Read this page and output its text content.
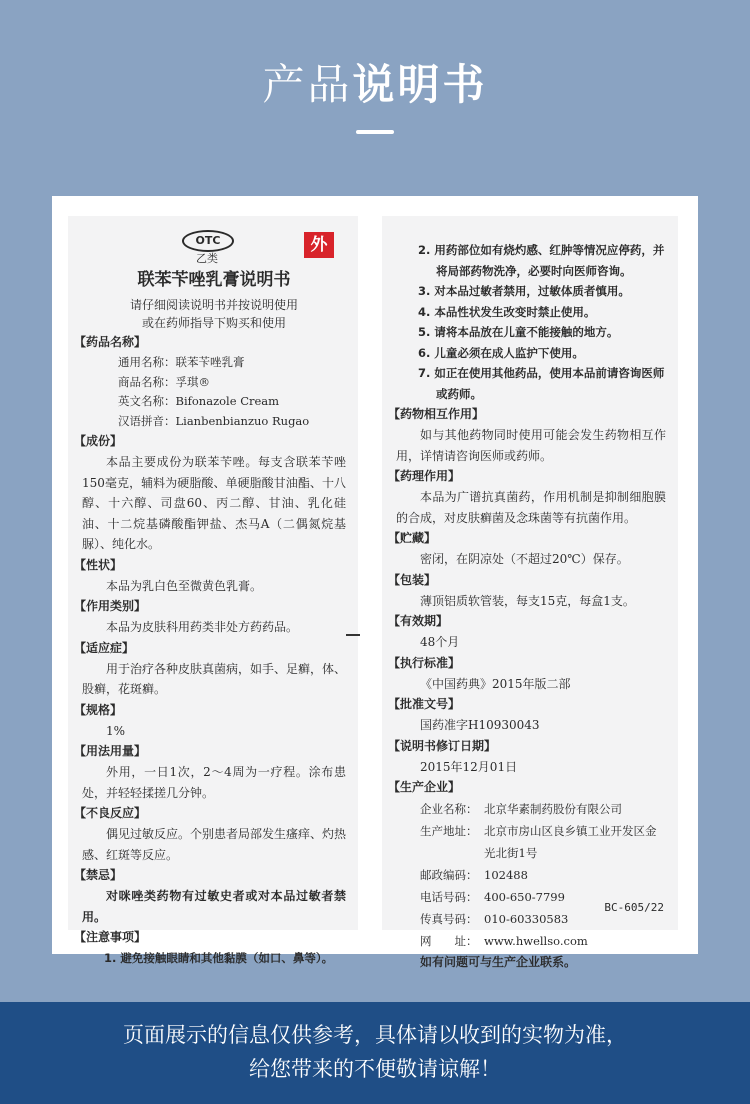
产品说明书
OTC
乙类
外
联苯苄唑乳膏说明书
请仔细阅读说明书并按说明使用
或在药师指导下购买和使用
【药品名称】
通用名称：联苯苄唑乳膏
商品名称：孚琪®
英文名称：Bifonazole Cream
汉语拼音：Lianbenbianzuo Rugao
【成份】
本品主要成份为联苯苄唑。每支含联苯苄唑150毫克，辅料为硬脂酸、单硬脂酸甘油酯、十八醇、十六醇、司盘60、丙二醇、甘油、乳化硅油、十二烷基磷酸酯钾盐、杰马A（二偶氮烷基脲）、纯化水。
【性状】
本品为乳白色至微黄色乳膏。
【作用类别】
本品为皮肤科用药类非处方药药品。
【适应症】
用于治疗各种皮肤真菌病，如手、足癣，体、股癣，花斑癣。
【规格】
1%
【用法用量】
外用，一日1次，2～4周为一疗程。涂布患处，并轻轻揉搓几分钟。
【不良反应】
偶见过敏反应。个别患者局部发生瘙痒、灼热感、红斑等反应。
【禁忌】
对咪唑类药物有过敏史者或对本品过敏者禁用。
【注意事项】
1. 避免接触眼睛和其他黏膜（如口、鼻等）。
2. 用药部位如有烧灼感、红肿等情况应停药，并将局部药物洗净，必要时向医师咨询。
3. 对本品过敏者禁用，过敏体质者慎用。
4. 本品性状发生改变时禁止使用。
5. 请将本品放在儿童不能接触的地方。
6. 儿童必须在成人监护下使用。
7. 如正在使用其他药品，使用本品前请咨询医师或药师。
【药物相互作用】
如与其他药物同时使用可能会发生药物相互作用，详情请咨询医师或药师。
【药理作用】
本品为广谱抗真菌药，作用机制是抑制细胞膜的合成，对皮肤癣菌及念珠菌等有抗菌作用。
【贮藏】
密闭，在阴凉处（不超过20℃）保存。
【包装】
薄顶铝质软管装，每支15克，每盒1支。
【有效期】
48个月
【执行标准】
《中国药典》2015年版二部
【批准文号】
国药准字H10930043
【说明书修订日期】
2015年12月01日
【生产企业】
企业名称： 北京华素制药股份有限公司
生产地址： 北京市房山区良乡镇工业开发区金光北街1号
邮政编码： 102488
电话号码： 400-650-7799
传真号码： 010-60330583
网　　址： www.hwellso.com
如有问题可与生产企业联系。
BC-605/22
页面展示的信息仅供参考，具体请以收到的实物为准，
给您带来的不便敬请谅解！
